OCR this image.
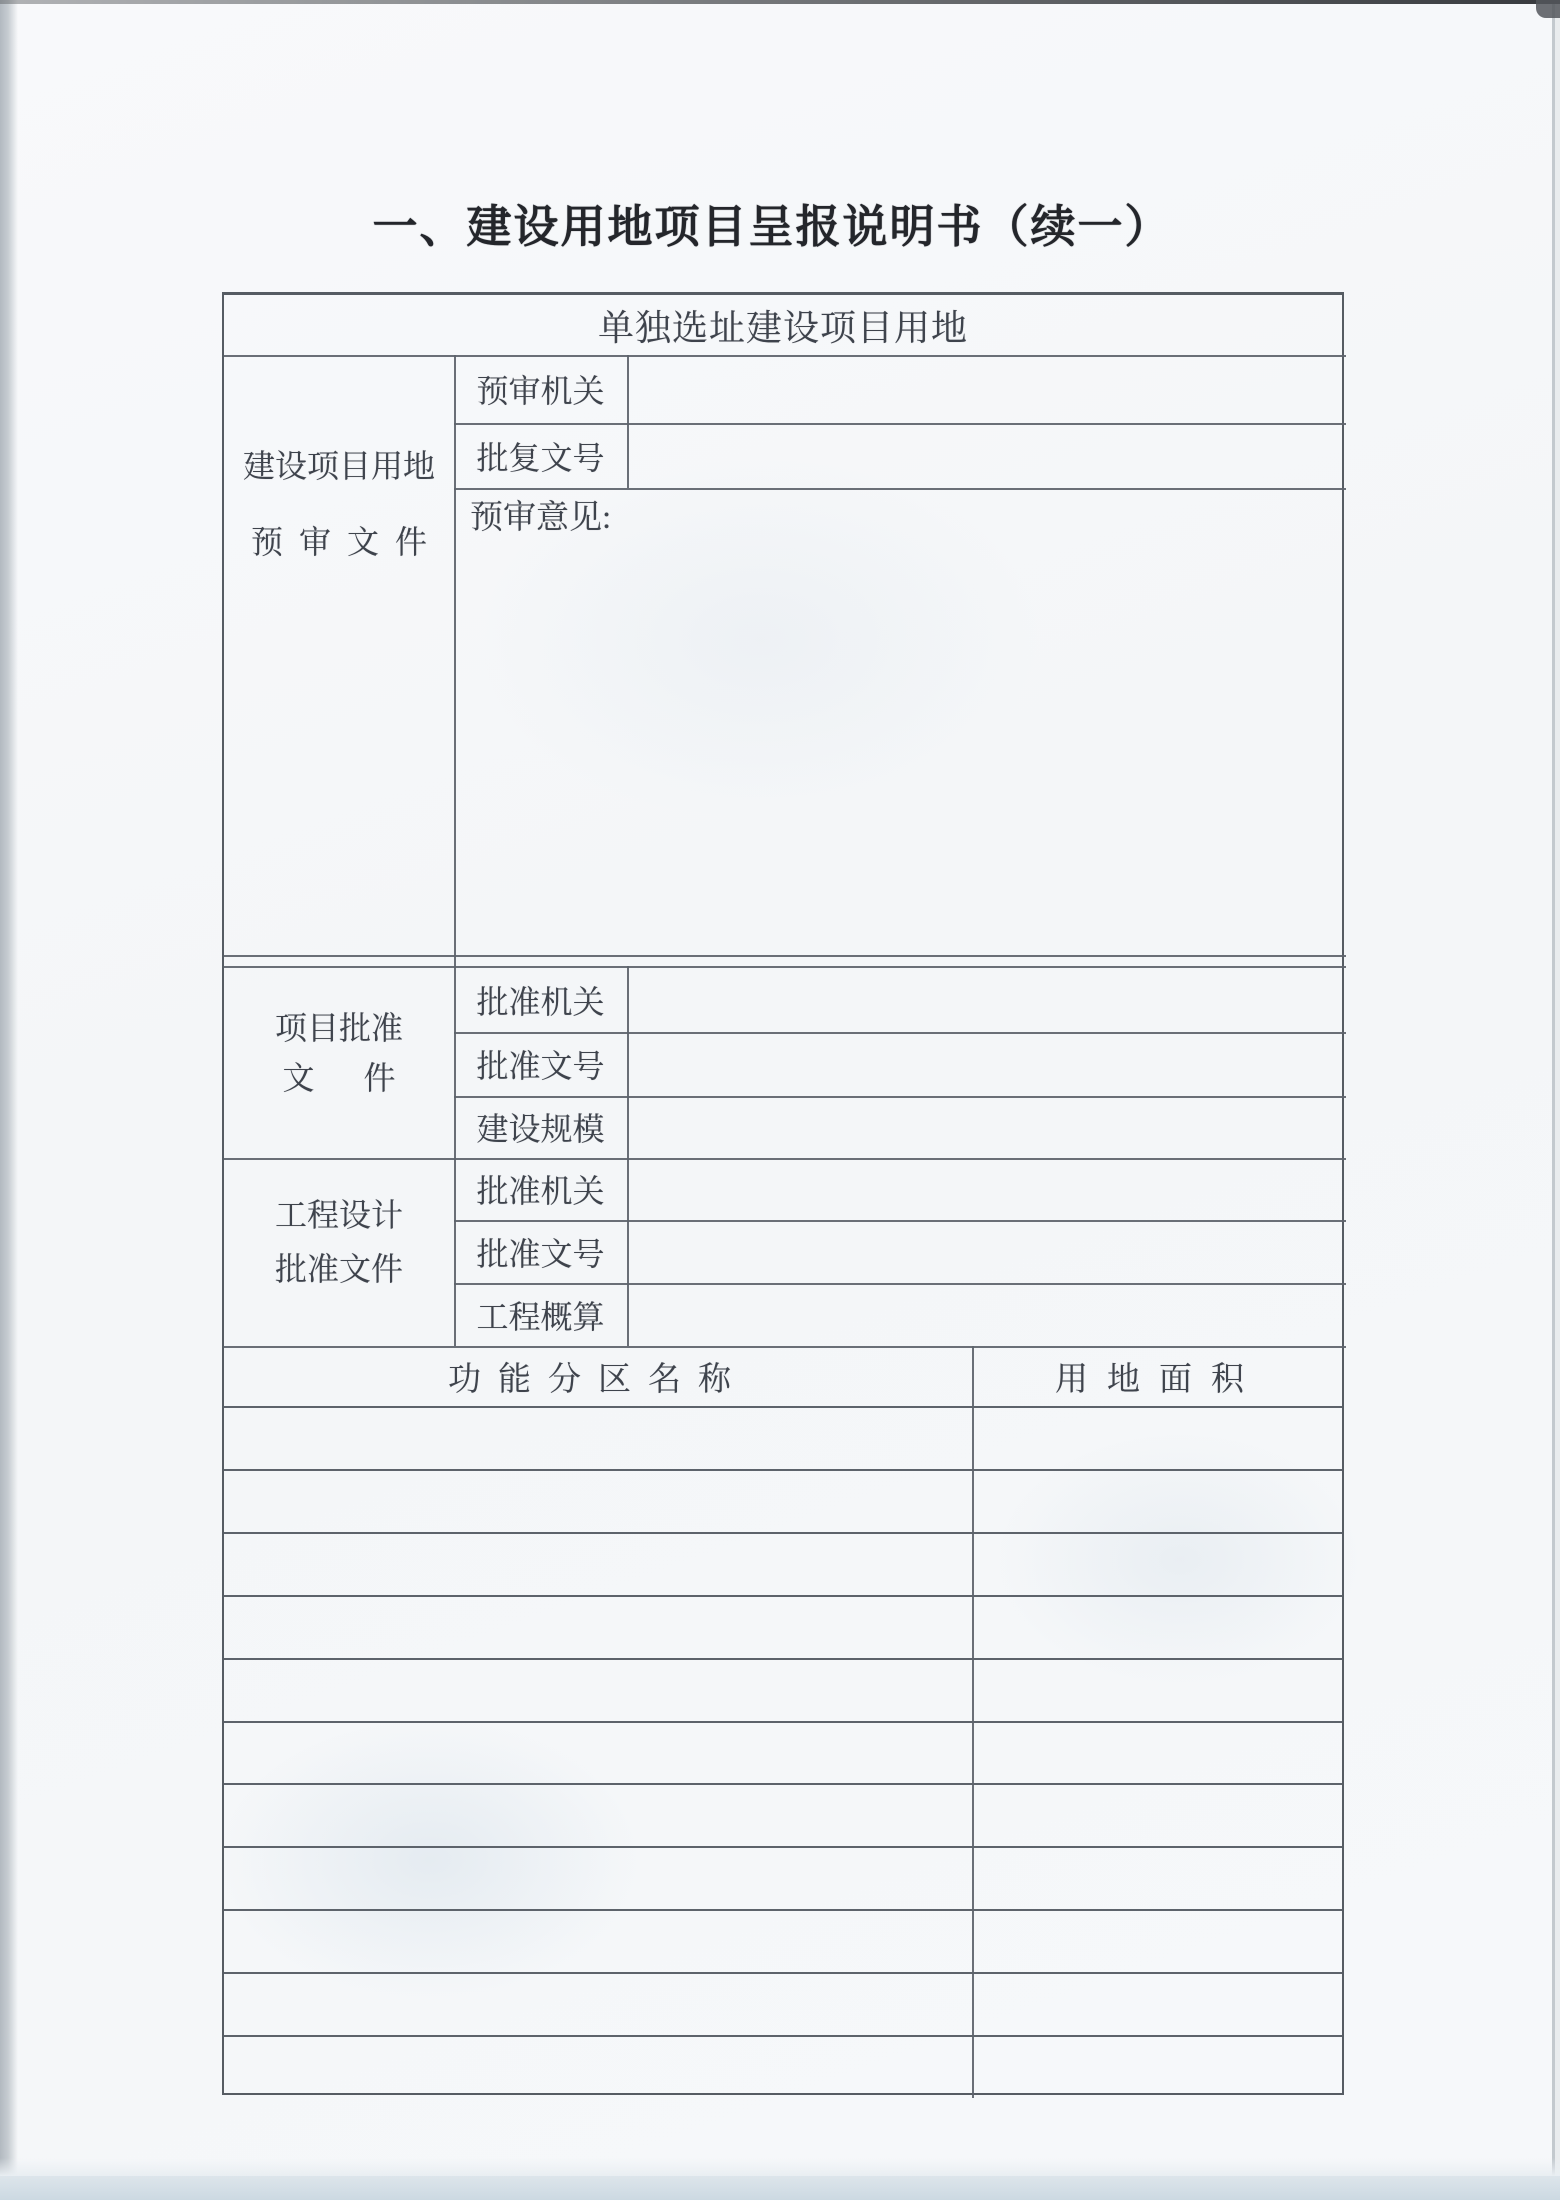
一、建设用地项目呈报说明书（续一）
单独选址建设项目用地
建设项目用地
预审文件
预审机关
批复文号
预审意见:
项目批准
文件
批准机关
批准文号
建设规模
工程设计
批准文件
批准机关
批准文号
工程概算
功能分区名称	用地面积
